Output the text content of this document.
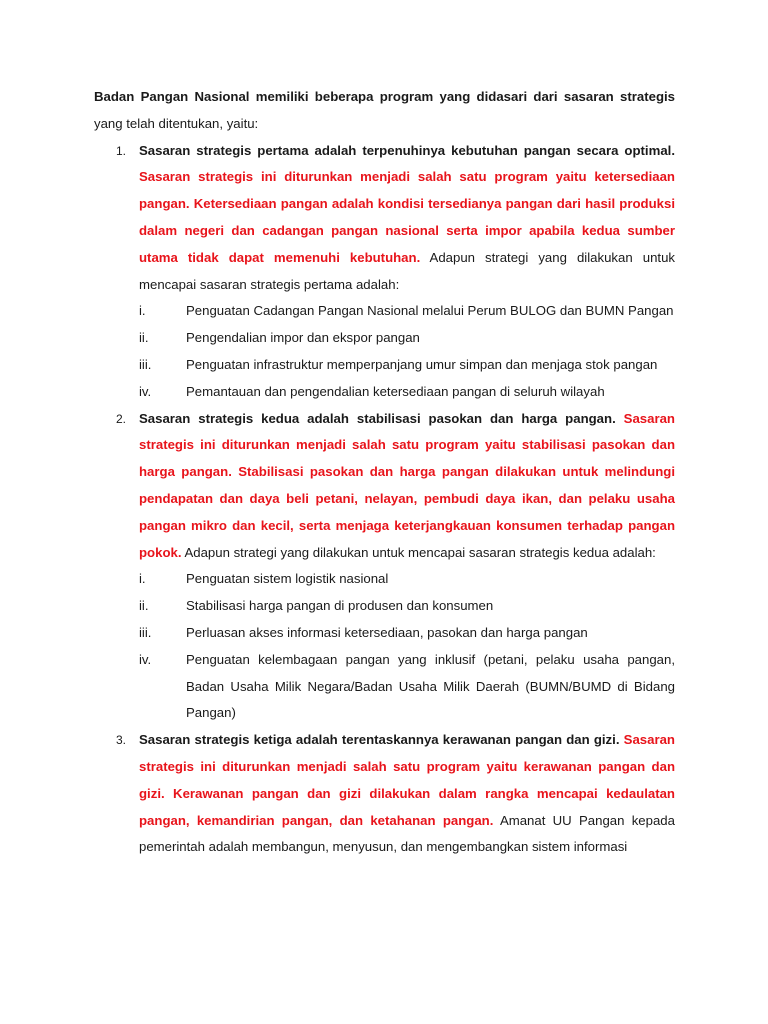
Badan Pangan Nasional memiliki beberapa program yang didasari dari sasaran strategis yang telah ditentukan, yaitu:

1. Sasaran strategis pertama adalah terpenuhinya kebutuhan pangan secara optimal. Sasaran strategis ini diturunkan menjadi salah satu program yaitu ketersediaan pangan. Ketersediaan pangan adalah kondisi tersedianya pangan dari hasil produksi dalam negeri dan cadangan pangan nasional serta impor apabila kedua sumber utama tidak dapat memenuhi kebutuhan. Adapun strategi yang dilakukan untuk mencapai sasaran strategis pertama adalah:

i.	Penguatan Cadangan Pangan Nasional melalui Perum BULOG dan BUMN Pangan
ii.	Pengendalian impor dan ekspor pangan
iii.	Penguatan infrastruktur memperpanjang umur simpan dan menjaga stok pangan
iv.	Pemantauan dan pengendalian ketersediaan pangan di seluruh wilayah
2. Sasaran strategis kedua adalah stabilisasi pasokan dan harga pangan. Sasaran strategis ini diturunkan menjadi salah satu program yaitu stabilisasi pasokan dan harga pangan. Stabilisasi pasokan dan harga pangan dilakukan untuk melindungi pendapatan dan daya beli petani, nelayan, pembudi daya ikan, dan pelaku usaha pangan mikro dan kecil, serta menjaga keterjangkauan konsumen terhadap pangan pokok. Adapun strategi yang dilakukan untuk mencapai sasaran strategis kedua adalah:

i.	Penguatan sistem logistik nasional
ii.	Stabilisasi harga pangan di produsen dan konsumen
iii.	Perluasan akses informasi ketersediaan, pasokan dan harga pangan
iv.	Penguatan kelembagaan pangan yang inklusif (petani, pelaku usaha pangan, Badan Usaha Milik Negara/Badan Usaha Milik Daerah (BUMN/BUMD di Bidang Pangan)
3. Sasaran strategis ketiga adalah terentaskannya kerawanan pangan dan gizi. Sasaran strategis ini diturunkan menjadi salah satu program yaitu kerawanan pangan dan gizi. Kerawanan pangan dan gizi dilakukan dalam rangka mencapai kedaulatan pangan, kemandirian pangan, dan ketahanan pangan. Amanat UU Pangan kepada pemerintah adalah membangun, menyusun, dan mengembangkan sistem informasi
